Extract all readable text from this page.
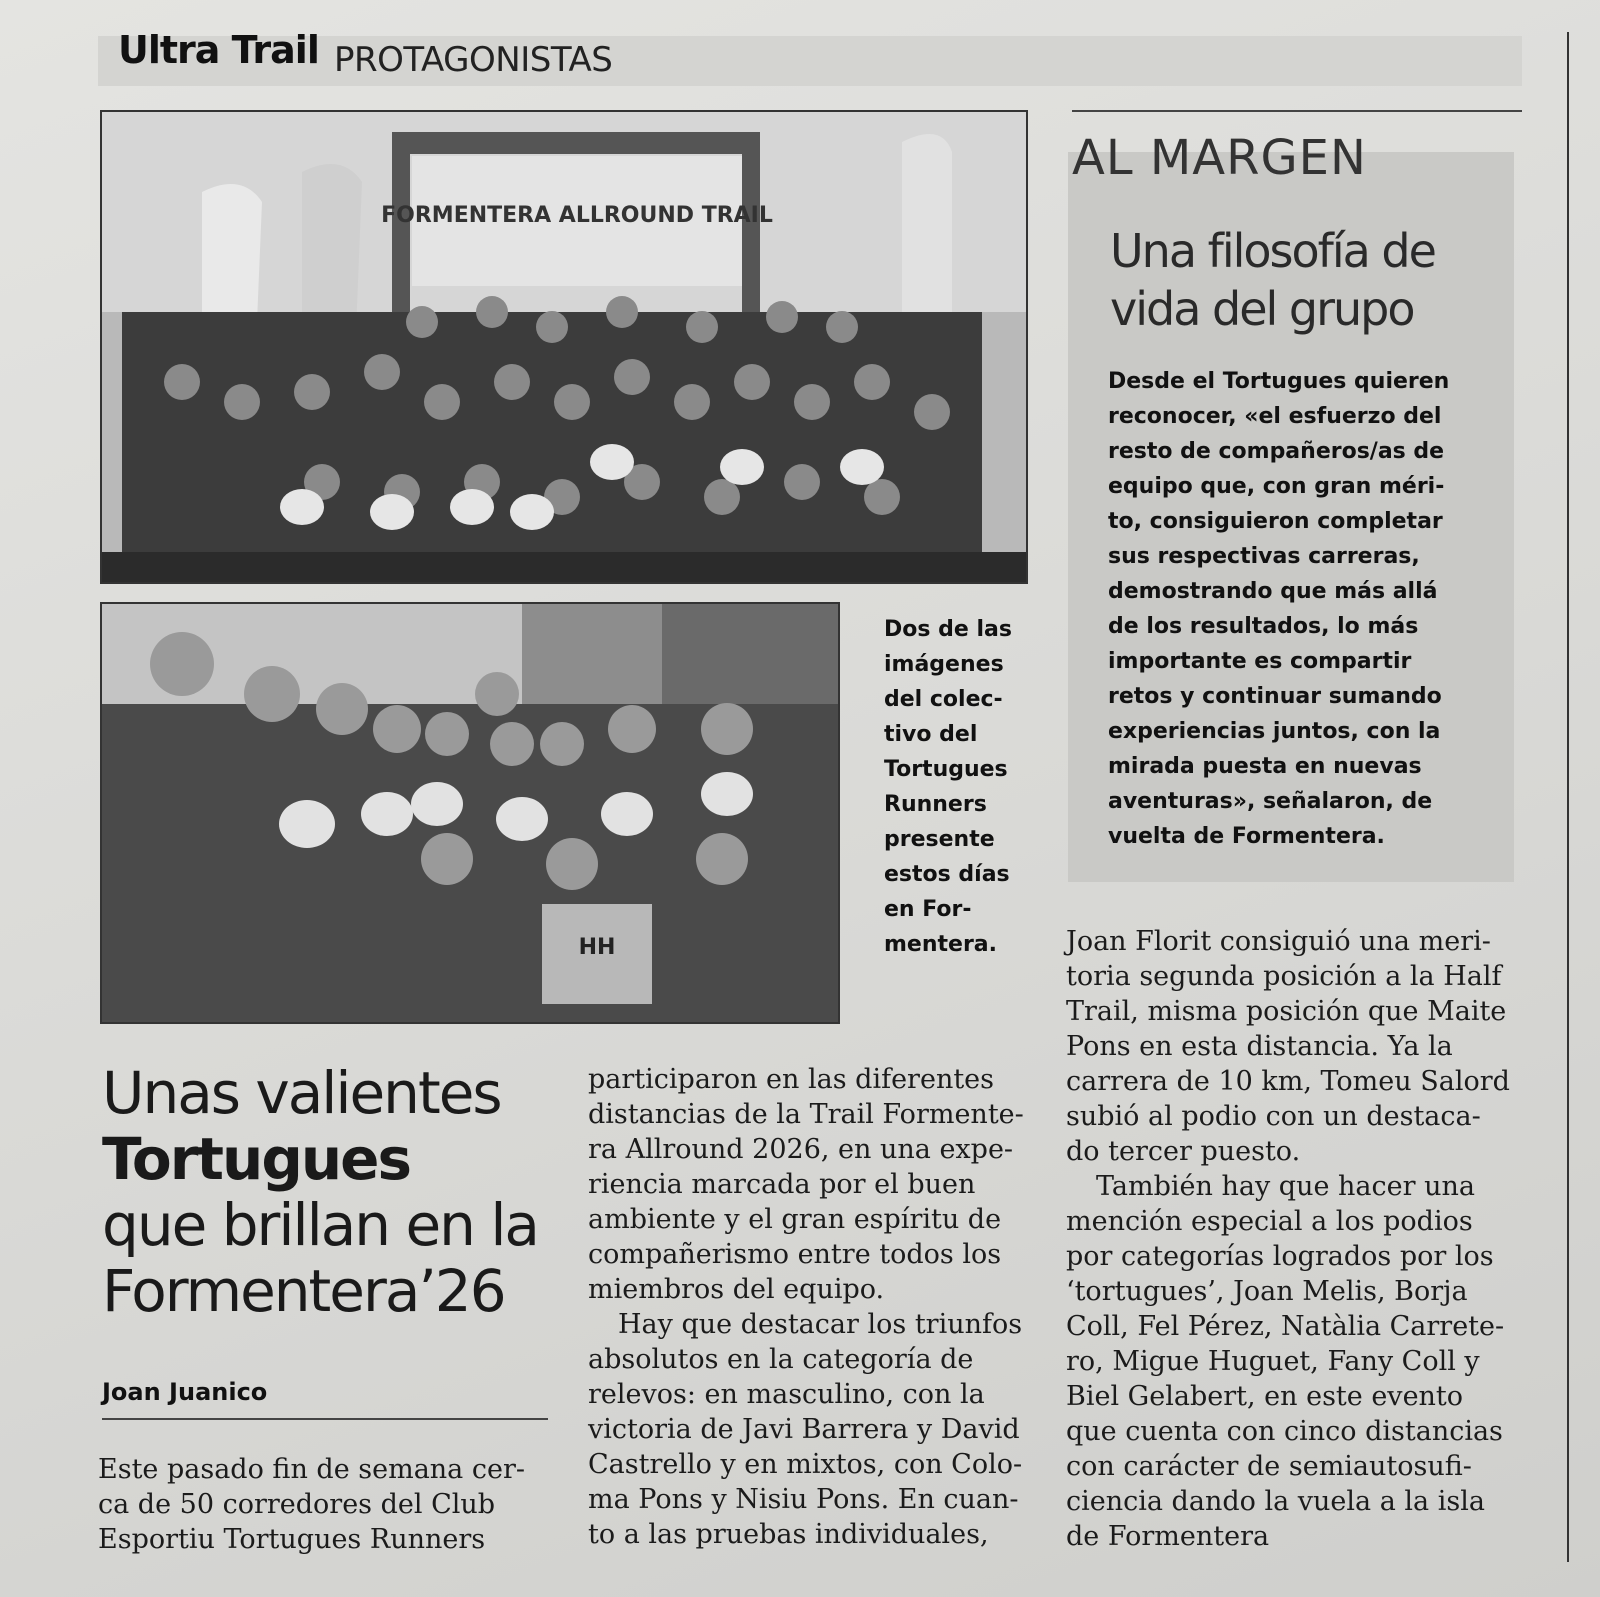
Ultra Trail PROTAGONISTAS
FORMENTERA ALLROUND TRAIL
HH
Dos de las
imágenes
del colec-
tivo del
Tortugues
Runners
presente
estos días
en For-
mentera.
AL MARGEN
Una filosofía de
vida del grupo
Desde el Tortugues quieren
reconocer, «el esfuerzo del
resto de compañeros/as de
equipo que, con gran méri-
to, consiguieron completar
sus respectivas carreras,
demostrando que más allá
de los resultados, lo más
importante es compartir
retos y continuar sumando
experiencias juntos, con la
mirada puesta en nuevas
aventuras», señalaron, de
vuelta de Formentera.
Unas valientes
Tortugues
que brillan en la
Formentera’26
Joan Juanico
Este pasado fin de semana cer-
ca de 50 corredores del Club
Esportiu Tortugues Runners
participaron en las diferentes
distancias de la Trail Formente-
ra Allround 2026, en una expe-
riencia marcada por el buen
ambiente y el gran espíritu de
compañerismo entre todos los
miembros del equipo.
Hay que destacar los triunfos
absolutos en la categoría de
relevos: en masculino, con la
victoria de Javi Barrera y David
Castrello y en mixtos, con Colo-
ma Pons y Nisiu Pons. En cuan-
to a las pruebas individuales,
Joan Florit consiguió una meri-
toria segunda posición a la Half
Trail, misma posición que Maite
Pons en esta distancia. Ya la
carrera de 10 km, Tomeu Salord
subió al podio con un destaca-
do tercer puesto.
También hay que hacer una
mención especial a los podios
por categorías logrados por los
‘tortugues’, Joan Melis, Borja
Coll, Fel Pérez, Natàlia Carrete-
ro, Migue Huguet, Fany Coll y
Biel Gelabert, en este evento
que cuenta con cinco distancias
con carácter de semiautosufi-
ciencia dando la vuela a la isla
de Formentera
